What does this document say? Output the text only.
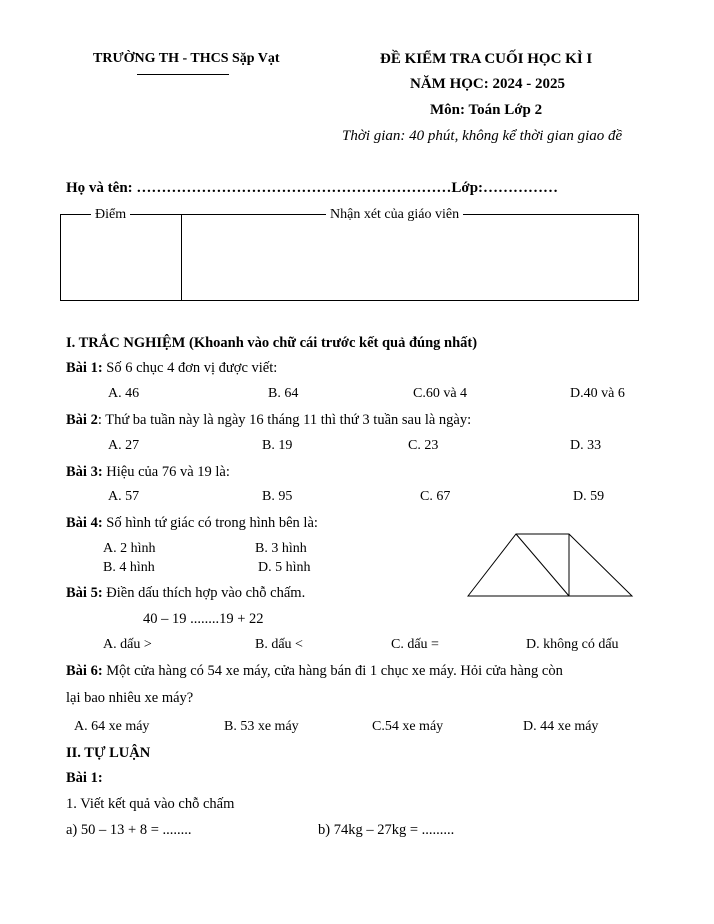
TRƯỜNG TH - THCS Sặp Vạt	ĐỀ KIỂM TRA CUỐI HỌC KÌ I
NĂM HỌC: 2024 - 2025
Môn: Toán Lớp 2
Thời gian: 40 phút, không kể thời gian giao đề
Họ và tên: ………………………………………………………Lớp:……………
Điểm	Nhận xét của giáo viên
I. TRẮC NGHIỆM (Khoanh vào chữ cái trước kết quả đúng nhất)
Bài 1: Số 6 chục 4 đơn vị được viết:
A. 46	B. 64	C.60 và 4	D.40 và 6
Bài 2: Thứ ba tuần này là ngày 16 tháng 11 thì thứ 3 tuần sau là ngày:
A. 27	B. 19	C. 23	D. 33
Bài 3: Hiệu của 76 và 19 là:
A. 57	B. 95	C. 67	D. 59
Bài 4: Số hình tứ giác có trong hình bên là:
A. 2 hình	B. 3 hình
B. 4 hình	D. 5 hình
Bài 5: Điền dấu thích hợp vào chỗ chấm.
40 – 19 ........19 + 22
A. dấu >	B. dấu <	C. dấu =	D. không có dấu
Bài 6: Một cửa hàng có 54 xe máy, cửa hàng bán đi 1 chục xe máy. Hỏi cửa hàng còn
lại bao nhiêu xe máy?
A. 64 xe máy	B. 53 xe máy	C.54 xe máy	D. 44 xe máy
II. TỰ LUẬN
Bài 1:
1. Viết kết quả vào chỗ chấm
a) 50 – 13 + 8 = ........	b) 74kg – 27kg = .........
